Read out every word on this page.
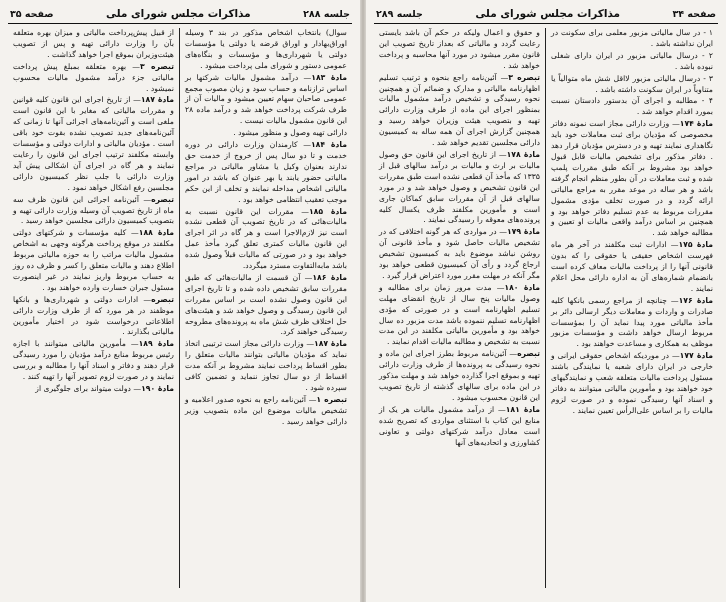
جلسه ۲۸۸
مذاکرات مجلس شورای ملی
صفحه ۳۵

سوال) بانتخاب اشخاص مذکور در بند ۳ وسیله اوراق‌بهادار و اوراق قرضه یا دولتی یا مؤسسات دولتی یا شهرداری‌ها و مؤسسات و بنگاه‌های عمومی دستور و شورای ملی پرداخت میشود .

مادهٔ ۱۸۳— درآمد مشمول مالیات شرکتها بر اساس ترازنامه و حساب سود و زیان مصوب مجمع عمومی صاحبان سهام تعیین میشود و مالیات آن از طرف شرکت پرداخت خواهد شد و درآمد ماده ۲۸ این قانون مشمول مالیات نیست .

دارائی تهیه وصول و منظور میشود .

مادهٔ ۱۸۴— کارمندان وزارت دارائی در دوره خدمت و تا دو سال پس از خروج از خدمت حق ندارند بعنوان وکیل یا مشاور مالیاتی در مراجع مالیاتی حضور یابند یا بهر عنوان که باشد در امور مالیاتی اشخاص مداخله نمایند و تخلف از این حکم موجب تعقیب انتظامی خواهد بود .

مادهٔ ۱۸۵— مقررات این قانون نسبت به مالیات‌هائی که در تاریخ تصویب آن قطعی نشده است نیز لازم‌الاجرا است و هر گاه در اثر اجرای این قانون مالیات کمتری تعلق گیرد مأخذ عمل خواهد بود و در صورتی که مالیات قبلاً وصول شده باشد مابه‌التفاوت مسترد میگردد.

مادهٔ ۱۸۶— آن قسمت از مالیات‌هائی که طبق مقررات سابق تشخیص داده شده و تا تاریخ اجرای این قانون وصول نشده است بر اساس مقررات این قانون رسیدگی و وصول خواهد شد و هیئت‌های حل اختلاف ظرف شش ماه به پرونده‌های مطروحه رسیدگی خواهند کرد.

مادهٔ ۱۸۷— وزارت دارائی مجاز است ترتیبی اتخاذ نماید که مؤدیان مالیاتی بتوانند مالیات متعلق را بطور اقساط پرداخت نمایند مشروط بر آنکه مدت اقساط از دو سال تجاوز ننماید و تضمین کافی سپرده شود .

تبصره ۱— آئین‌نامه راجع به نحوه صدور اعلامیه و تشخیص مالیات موضوع این ماده بتصویب وزیر دارائی خواهد رسید .

از قبیل پیش‌پرداخت مالیاتی و میزان بهره متعلقه بآن را وزارت دارائی تهیه و پس از تصویب هیئت‌وزیران بموقع اجرا خواهد گذاشت .

تبصره ۳— بهره متعلقه بمبلغ پیش پرداخت مالیاتی جزء درآمد مشمول مالیات محسوب نمیشود .

مادهٔ ۱۸۷— از تاریخ اجرای این قانون کلیه قوانین و مقررات مالیاتی که مغایر با این قانون است ملغی است و آئین‌نامه‌های اجرائی آنها تا زمانی که آئین‌نامه‌های جدید تصویب نشده بقوت خود باقی است . مؤدیان مالیاتی و ادارات دولتی و مؤسسات وابسته مکلفند ترتیب اجرای این قانون را رعایت نمایند و هر گاه در اجرای آن اشکالی پیش آید وزارت دارائی با جلب نظر کمیسیون دارائی مجلسین رفع اشکال خواهد نمود .

تبصره— آئین‌نامه اجرائی این قانون ظرف سه ماه از تاریخ تصویب آن وسیله وزارت دارائی تهیه و بتصویب کمیسیون دارائی مجلسین خواهد رسید .

مادهٔ ۱۸۸— کلیه مؤسسات و شرکتهای دولتی مکلفند در موقع پرداخت هرگونه وجهی به اشخاص مشمول مالیات مراتب را به حوزه مالیاتی مربوط اطلاع دهند و مالیات متعلق را کسر و ظرف ده روز به حساب مربوط واریز نمایند در غیر اینصورت مسئول جبران خسارت وارده خواهند بود .

تبصره— ادارات دولتی و شهرداری‌ها و بانکها موظفند در هر مورد که از طرف وزارت دارائی اطلاعاتی درخواست شود در اختیار مأمورین مالیاتی بگذارند .

مادهٔ ۱۸۹— مأمورین مالیاتی میتوانند با اجازه رئیس مربوط منابع درآمد مؤدیان را مورد رسیدگی قرار دهند و دفاتر و اسناد آنها را مطالبه و بررسی نمایند و در صورت لزوم تصویر آنها را تهیه کنند .

مادهٔ ۱۹۰— دولت میتواند برای جلوگیری از

صفحه ۳۴
مذاکرات مجلس شورای ملی
جلسه ۲۸۹

۱ - در سال مالیاتی مزبور معلمی برای سکونت در ایران نداشته باشد .

۲ - درسال مالیاتی مزبور در ایران دارای شغلی نبوده باشد .

۳ - درسال مالیاتی مزبور لااقل شش ماه متوالیاً یا متناوباً در ایران سکونت داشته باشد .

۴ - مطالبه و اجرای آن بدستور دادستان نسبت بمورد اقدام خواهد شد .

مادهٔ ۱۷۴— وزارت دارائی مجاز است نمونه دفاتر مخصوصی که مؤدیان برای ثبت معاملات خود باید نگاهداری نمایند تهیه و در دسترس مؤدیان قرار دهد . دفاتر مذکور برای تشخیص مالیات قابل قبول خواهد بود مشروط بر آنکه طبق مقررات پلمپ شده و ثبت معاملات در آن بطور منظم انجام گرفته باشد و هر ساله در موعد مقرر به مراجع مالیاتی ارائه گردد و در صورت تخلف مؤدی مشمول مقررات مربوط به عدم تسلیم دفاتر خواهد بود و همچنین بر اساس درآمد واقعی مالیات او تعیین و مطالبه خواهد شد .

مادهٔ ۱۷۵— ادارات ثبت مکلفند در آخر هر ماه فهرست اشخاص حقیقی یا حقوقی را که بدون قانونی آنها را از پرداخت مالیات معاف کرده است بانضمام شماره‌های آن به اداره دارائی محل اعلام نمایند .

مادهٔ ۱۷۶— چنانچه از مراجع رسمی بانکها کلیه صادرات و واردات و معاملات دیگر ارسالی دائر بر مأخذ مالیاتی مورد پیدا نماید آن را بمؤسسات مربوط ارسال خواهد داشت و مؤسسات مزبور موظف به همکاری و مساعدت خواهند بود .

مادهٔ ۱۷۷— در موردیکه اشخاص حقوقی ایرانی و خارجی در ایران دارای شعبه یا نمایندگی باشند مسئول پرداخت مالیات متعلقه شعب و نمایندگیهای خود خواهند بود و مأمورین مالیاتی میتوانند به دفاتر و اسناد آنها رسیدگی نموده و در صورت لزوم مالیات را بر اساس علی‌الرأس تعیین نمایند .

و حقوق و اعمال ولیکه در حکم آن باشد بایستی رعایت گردد و مالیاتی که بعداز تاریخ تصویب این قانون مقرر میشود در مورد آنها محاسبه و پرداخت خواهد شد .

تبصره ۳— آئین‌نامه راجع بنحوه و ترتیب تسلیم اظهارنامه مالیاتی و مدارک و ضمائم آن و همچنین نحوه رسیدگی و تشخیص درآمد مشمول مالیات بمنظور اجرای این ماده از طرف وزارت دارائی تهیه و بتصویب هیئت وزیران خواهد رسید و همچنین گزارش اجرای آن همه ساله به کمیسیون دارائی مجلسین تقدیم خواهد شد .

مادهٔ ۱۷۸— از تاریخ اجرای این قانون حق وصول مالیات بر ارث و مالیات بر درآمد سالهای قبل از ۱۳۳۵ که مأخذ آن قطعی نشده است طبق مقررات این قانون تشخیص و وصول خواهد شد و در مورد سالهای قبل از آن مقررات سابق کماکان جاری است و مأمورین مکلفند ظرف یکسال کلیه پرونده‌های معوقه را رسیدگی نمایند .

مادهٔ ۱۷۹— در مواردی که هر گونه اختلافی که در تشخیص مالیات حاصل شود و مأخذ قانونی آن روشن نباشد موضوع باید به کمیسیون تشخیص ارجاع گردد و رأی آن کمیسیون قطعی خواهد بود مگر آنکه در مهلت مقرر مورد اعتراض قرار گیرد .

مادهٔ ۱۸۰— مدت مرور زمان برای مطالبه و وصول مالیات پنج سال از تاریخ انقضای مهلت تسلیم اظهارنامه است و در صورتی که مؤدی اظهارنامه تسلیم ننموده باشد مدت مزبور ده سال خواهد بود و مأمورین مالیاتی مکلفند در این مدت نسبت به تشخیص و مطالبه مالیات اقدام نمایند .

تبصره— آئین‌نامه مربوط بطرز اجرای این ماده و نحوه رسیدگی به پرونده‌ها از طرف وزارت دارائی تهیه و بموقع اجرا گذارده خواهد شد و مهلت مذکور در این ماده برای سالهای گذشته از تاریخ تصویب این قانون محسوب میشود .

مادهٔ ۱۸۱— از درآمد مشمول مالیات هر یک از منابع این کتاب با استثنای مواردی که تصریح شده است معادل درآمد شرکتهای دولتی و تعاونی کشاورزی و اتحادیه‌های آنها
